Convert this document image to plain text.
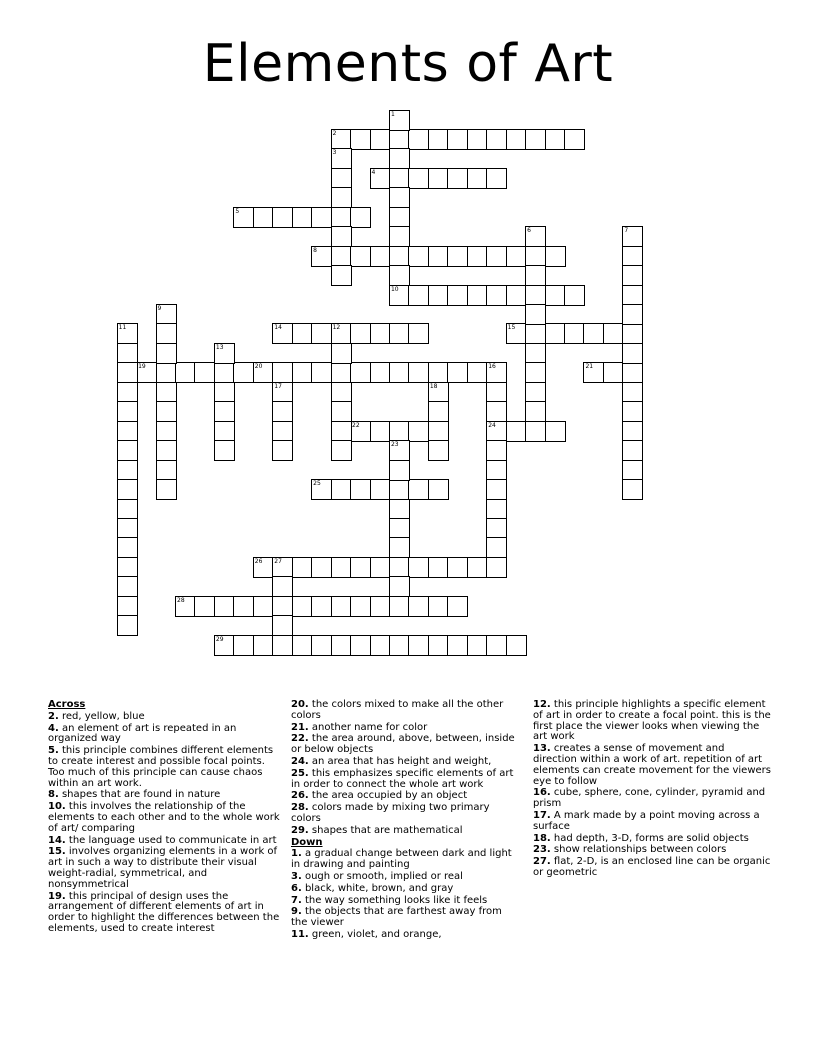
Elements of Art
2
4
5
8
10
14	15
19	20	21
22	24
25
26
28
29
1
3
6	7
9
11	12
13
16
17	18
23
27
Across
2. red, yellow, blue
4. an element of art is repeated in an organized way
5. this principle combines different elements to create interest and possible focal points. Too much of this principle can cause chaos within an art work.
8. shapes that are found in nature
10. this involves the relationship of the elements to each other and to the whole work of art/ comparing
14. the language used to communicate in art
15. involves organizing elements in a work of art in such a way to distribute their visual weight-radial, symmetrical, and nonsymmetrical
19. this principal of design uses the arrangement of different elements of art in order to highlight the differences between the elements, used to create interest
20. the colors mixed to make all the other colors
21. another name for color
22. the area around, above, between, inside or below objects
24. an area that has height and weight,
25. this emphasizes specific elements of art in order to connect the whole art work
26. the area occupied by an object
28. colors made by mixing two primary colors
29. shapes that are mathematical
Down
1. a gradual change between dark and light in drawing and painting
3. ough or smooth, implied or real
6. black, white, brown, and gray
7. the way something looks like it feels
9. the objects that are farthest away from the viewer
11. green, violet, and orange,
12. this principle highlights a specific element of art in order to create a focal point. this is the first place the viewer looks when viewing the art work
13. creates a sense of movement and direction within a work of art. repetition of art elements can create movement for the viewers eye to follow
16. cube, sphere, cone, cylinder, pyramid and prism
17. A mark made by a point moving across a surface
18. had depth, 3-D, forms are solid objects
23. show relationships between colors
27. flat, 2-D, is an enclosed line can be organic or geometric
